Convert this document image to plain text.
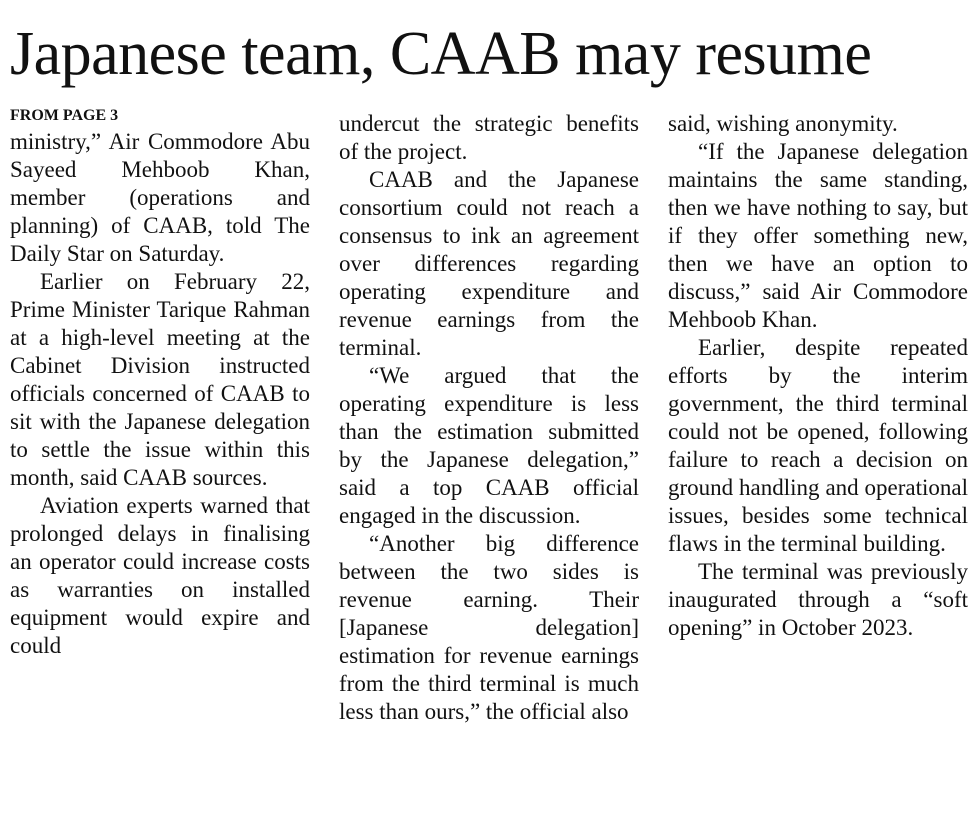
Japanese team, CAAB may resume
FROM PAGE 3

ministry,” Air Commodore Abu Sayeed Mehboob Khan, member (operations and planning) of CAAB, told The Daily Star on Saturday.

Earlier on February 22, Prime Minister Tarique Rahman at a high-level meeting at the Cabinet Division instructed officials concerned of CAAB to sit with the Japanese delegation to settle the issue within this month, said CAAB sources.

Aviation experts warned that prolonged delays in finalising an operator could increase costs as warranties on installed equipment would expire and could

undercut the strategic benefits of the project.

CAAB and the Japanese consortium could not reach a consensus to ink an agreement over differences regarding operating expenditure and revenue earnings from the terminal.

“We argued that the operating expenditure is less than the estimation submitted by the Japanese delegation,” said a top CAAB official engaged in the discussion.

“Another big difference between the two sides is revenue earning. Their [Japanese delegation] estimation for revenue earnings from the third terminal is much less than ours,” the official also

said, wishing anonymity.

“If the Japanese delegation maintains the same standing, then we have nothing to say, but if they offer something new, then we have an option to discuss,” said Air Commodore Mehboob Khan.

Earlier, despite repeated efforts by the interim government, the third terminal could not be opened, following failure to reach a decision on ground handling and operational issues, besides some technical flaws in the terminal building.

The terminal was previously inaugurated through a “soft opening” in October 2023.
